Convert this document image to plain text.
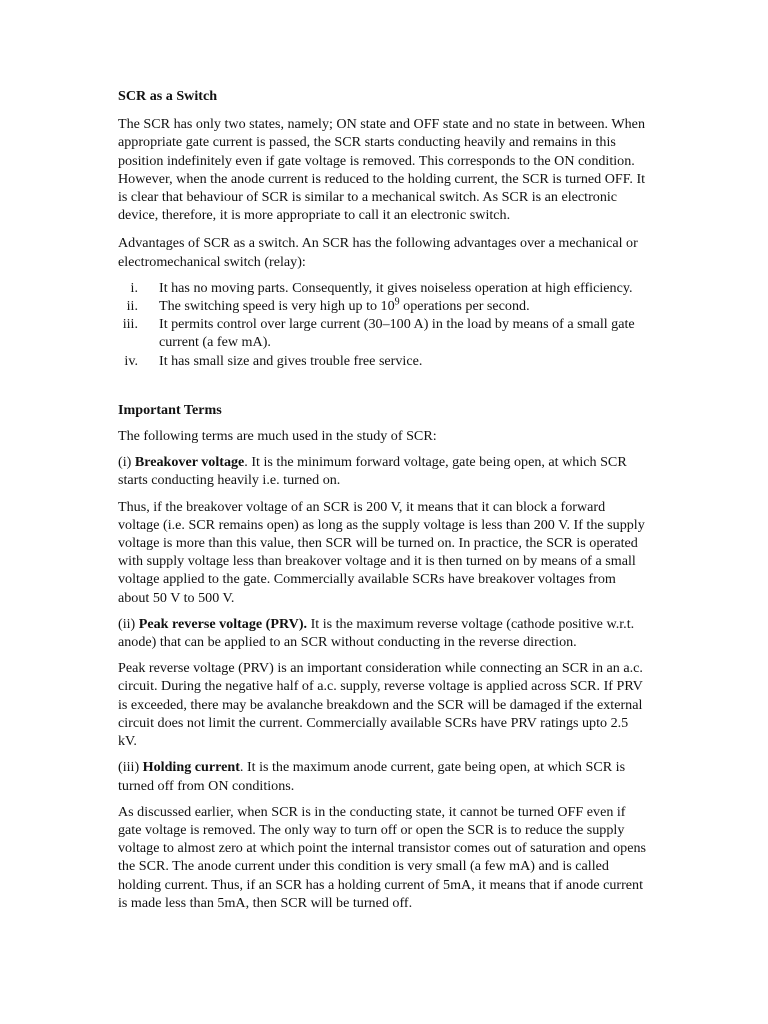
SCR as a Switch

The SCR has only two states, namely; ON state and OFF state and no state in between. When appropriate gate current is passed, the SCR starts conducting heavily and remains in this position indefinitely even if gate voltage is removed. This corresponds to the ON condition. However, when the anode current is reduced to the holding current, the SCR is turned OFF. It is clear that behaviour of SCR is similar to a mechanical switch. As SCR is an electronic device, therefore, it is more appropriate to call it an electronic switch.

Advantages of SCR as a switch. An SCR has the following advantages over a mechanical or electromechanical switch (relay):

i. It has no moving parts. Consequently, it gives noiseless operation at high efficiency.
ii. The switching speed is very high up to $10^9$ operations per second.
iii. It permits control over large current (30–100 A) in the load by means of a small gate current (a few mA).
iv. It has small size and gives trouble free service.
Important Terms

The following terms are much used in the study of SCR:

(i) Breakover voltage. It is the minimum forward voltage, gate being open, at which SCR starts conducting heavily i.e. turned on.

Thus, if the breakover voltage of an SCR is 200 V, it means that it can block a forward voltage (i.e. SCR remains open) as long as the supply voltage is less than 200 V. If the supply voltage is more than this value, then SCR will be turned on. In practice, the SCR is operated with supply voltage less than breakover voltage and it is then turned on by means of a small voltage applied to the gate. Commercially available SCRs have breakover voltages from about 50 V to 500 V.

(ii) Peak reverse voltage (PRV). It is the maximum reverse voltage (cathode positive w.r.t. anode) that can be applied to an SCR without conducting in the reverse direction.

Peak reverse voltage (PRV) is an important consideration while connecting an SCR in an a.c. circuit. During the negative half of a.c. supply, reverse voltage is applied across SCR. If PRV is exceeded, there may be avalanche breakdown and the SCR will be damaged if the external circuit does not limit the current. Commercially available SCRs have PRV ratings upto 2.5 kV.

(iii) Holding current. It is the maximum anode current, gate being open, at which SCR is turned off from ON conditions.

As discussed earlier, when SCR is in the conducting state, it cannot be turned OFF even if gate voltage is removed. The only way to turn off or open the SCR is to reduce the supply voltage to almost zero at which point the internal transistor comes out of saturation and opens the SCR. The anode current under this condition is very small (a few mA) and is called holding current. Thus, if an SCR has a holding current of 5mA, it means that if anode current is made less than 5mA, then SCR will be turned off.
